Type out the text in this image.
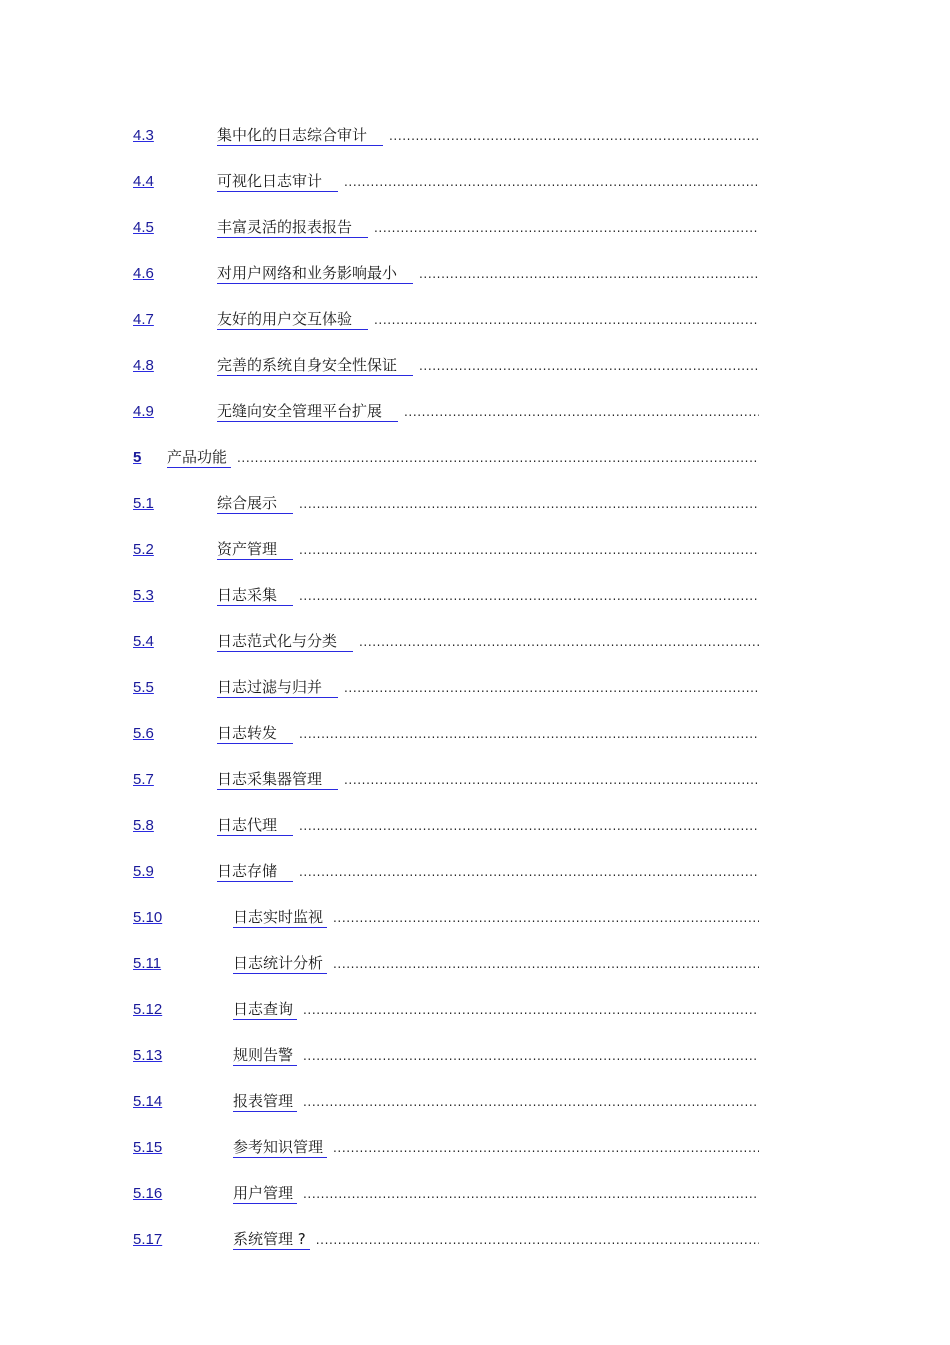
4.3	集中化的日志综合审计
.....
4.4	可视化日志审计
.....
4.5	丰富灵活的报表报告
.....
4.6	对用户网络和业务影响最小
.....
4.7	友好的用户交互体验
.....
4.8	完善的系统自身安全性保证
.....
4.9	无缝向安全管理平台扩展
.....
5	产品功能
.....
5.1	综合展示
.....
5.2	资产管理
.....
5.3	日志采集
.....
5.4	日志范式化与分类
.....
5.5	日志过滤与归并
.....
5.6	日志转发
.....
5.7	日志采集器管理
.....
5.8	日志代理
.....
5.9	日志存储
.....
5.10	日志实时监视
.....
5.11	日志统计分析
.....
5.12	日志查询
.....
5.13	规则告警
.....
5.14	报表管理
.....
5.15	参考知识管理
.....
5.16	用户管理
.....
5.17	系统管理 ?
.....
